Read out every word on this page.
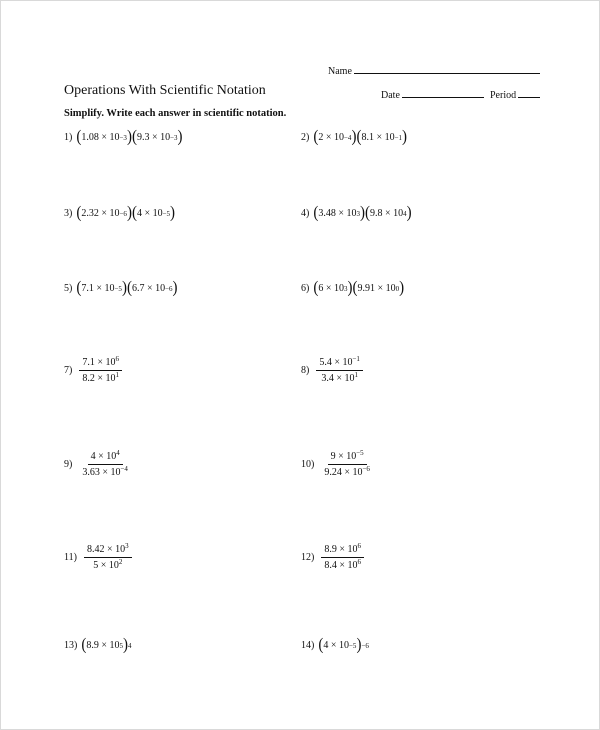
Name
Operations With Scientific Notation	Date	Period
Simplify. Write each answer in scientific notation.
1) ( 1.08 × 10 −3 ) ( 9.3 × 10 −3 )	2) ( 2 × 10 −4 ) ( 8.1 × 10 −1 )
3) ( 2.32 × 10 −6 ) ( 4 × 10 −5 )	4) ( 3.48 × 10 3 ) ( 9.8 × 10 4 )
5) ( 7.1 × 10 −5 ) ( 6.7 × 10 −6 )	6) ( 6 × 10 3 ) ( 9.91 × 10 0 )
$7) \frac{7.1 \times 10^6}{8.2 \times 10^1}$	$8) \frac{5.4 \times 10^{-1}}{3.4 \times 10^1}$
$9) \frac{4 \times 10^4}{3.63 \times 10^{-4}}$	$10) \frac{9 \times 10^{-5}}{9.24 \times 10^{-6}}$
$11) \frac{8.42 \times 10^3}{5 \times 10^2}$	$12) \frac{8.9 \times 10^6}{8.4 \times 10^6}$
13) ( 8.9 × 10 5 ) 4	14) ( 4 × 10 −5 ) −6
